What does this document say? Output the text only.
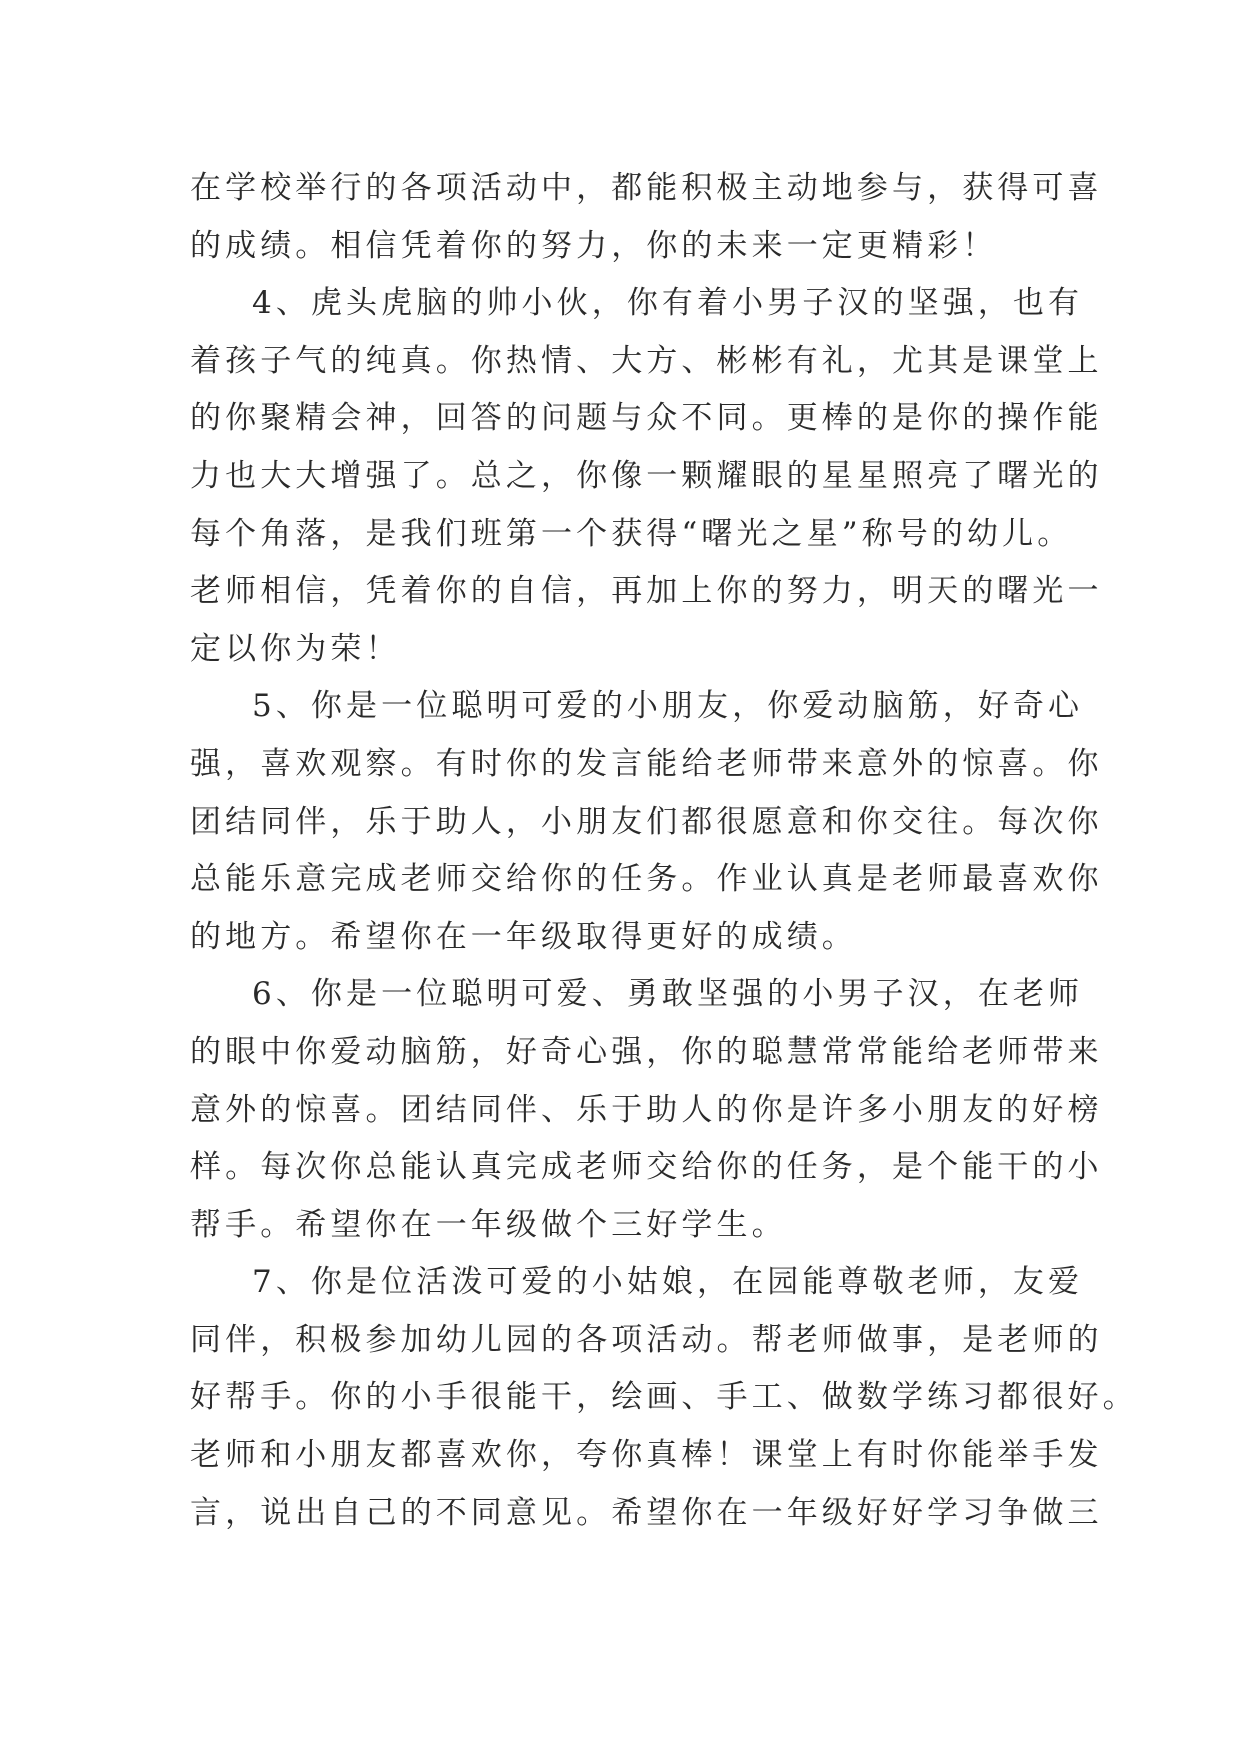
在学校举行的各项活动中，都能积极主动地参与，获得可喜
的成绩。相信凭着你的努力，你的未来一定更精彩！
4、虎头虎脑的帅小伙，你有着小男子汉的坚强，也有
着孩子气的纯真。你热情、大方、彬彬有礼，尤其是课堂上
的你聚精会神，回答的问题与众不同。更棒的是你的操作能
力也大大增强了。总之，你像一颗耀眼的星星照亮了曙光的
每个角落，是我们班第一个获得“曙光之星”称号的幼儿。
老师相信，凭着你的自信，再加上你的努力，明天的曙光一
定以你为荣！
5、你是一位聪明可爱的小朋友，你爱动脑筋，好奇心
强，喜欢观察。有时你的发言能给老师带来意外的惊喜。你
团结同伴，乐于助人，小朋友们都很愿意和你交往。每次你
总能乐意完成老师交给你的任务。作业认真是老师最喜欢你
的地方。希望你在一年级取得更好的成绩。
6、你是一位聪明可爱、勇敢坚强的小男子汉，在老师
的眼中你爱动脑筋，好奇心强，你的聪慧常常能给老师带来
意外的惊喜。团结同伴、乐于助人的你是许多小朋友的好榜
样。每次你总能认真完成老师交给你的任务，是个能干的小
帮手。希望你在一年级做个三好学生。
7、你是位活泼可爱的小姑娘，在园能尊敬老师，友爱
同伴，积极参加幼儿园的各项活动。帮老师做事，是老师的
好帮手。你的小手很能干，绘画、手工、做数学练习都很好。
老师和小朋友都喜欢你，夸你真棒！课堂上有时你能举手发
言，说出自己的不同意见。希望你在一年级好好学习争做三
